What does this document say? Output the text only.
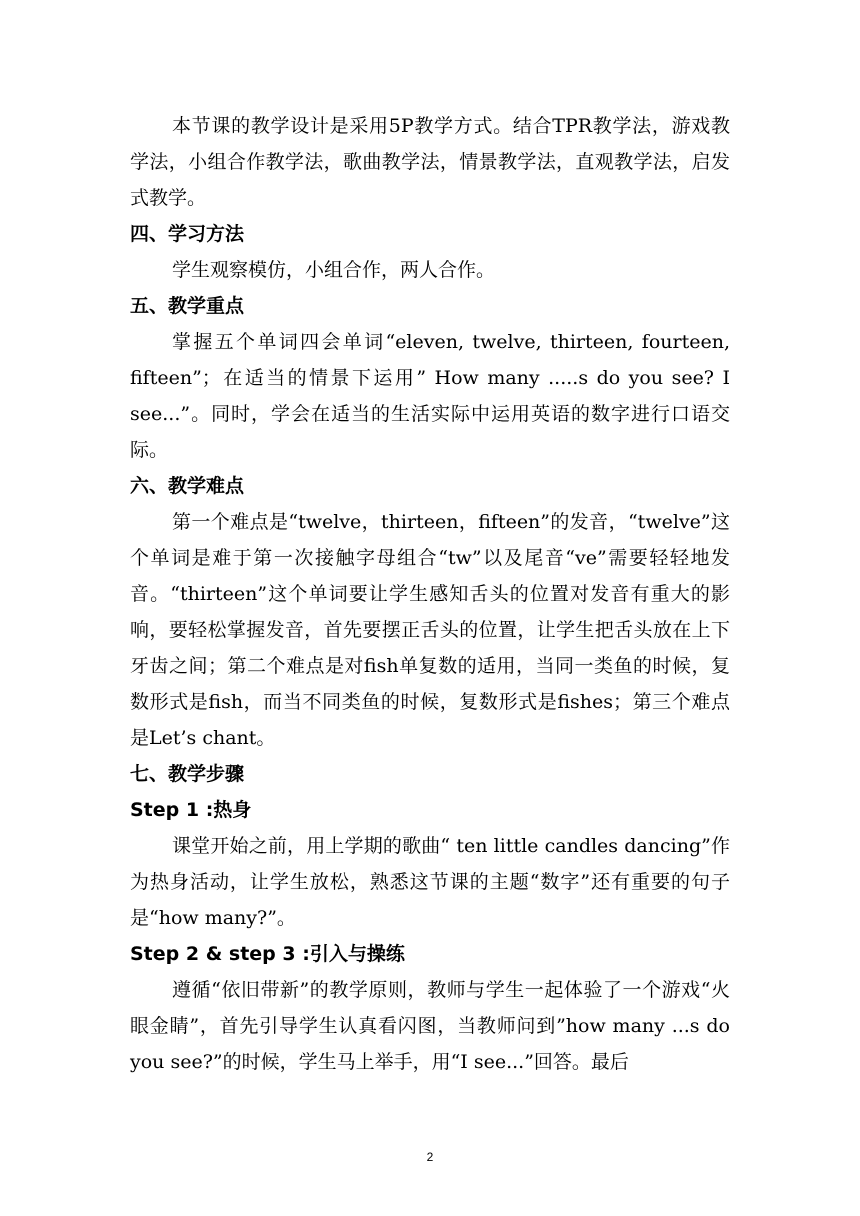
本节课的教学设计是采用5P教学方式。结合TPR教学法，游戏教学法，小组合作教学法，歌曲教学法，情景教学法，直观教学法，启发式教学。

四、学习方法

学生观察模仿，小组合作，两人合作。

五、教学重点

掌握五个单词四会单词“eleven, twelve, thirteen, fourteen, fifteen”；在适当的情景下运用” How many .....s do you see? I see...”。同时，学会在适当的生活实际中运用英语的数字进行口语交际。

六、教学难点

第一个难点是“twelve，thirteen，fifteen”的发音，“twelve”这个单词是难于第一次接触字母组合“tw”以及尾音“ve”需要轻轻地发音。“thirteen”这个单词要让学生感知舌头的位置对发音有重大的影响，要轻松掌握发音，首先要摆正舌头的位置，让学生把舌头放在上下牙齿之间；第二个难点是对fish单复数的适用，当同一类鱼的时候，复数形式是fish，而当不同类鱼的时候，复数形式是fishes；第三个难点是Let’s chant。

七、教学步骤

Step 1 :热身

课堂开始之前，用上学期的歌曲“ ten little candles dancing”作为热身活动，让学生放松，熟悉这节课的主题“数字”还有重要的句子是“how many?”。

Step 2 & step 3 :引入与操练

遵循“依旧带新”的教学原则，教师与学生一起体验了一个游戏“火眼金睛”，首先引导学生认真看闪图，当教师问到”how many ...s do you see?”的时候，学生马上举手，用“I see...”回答。最后

2
